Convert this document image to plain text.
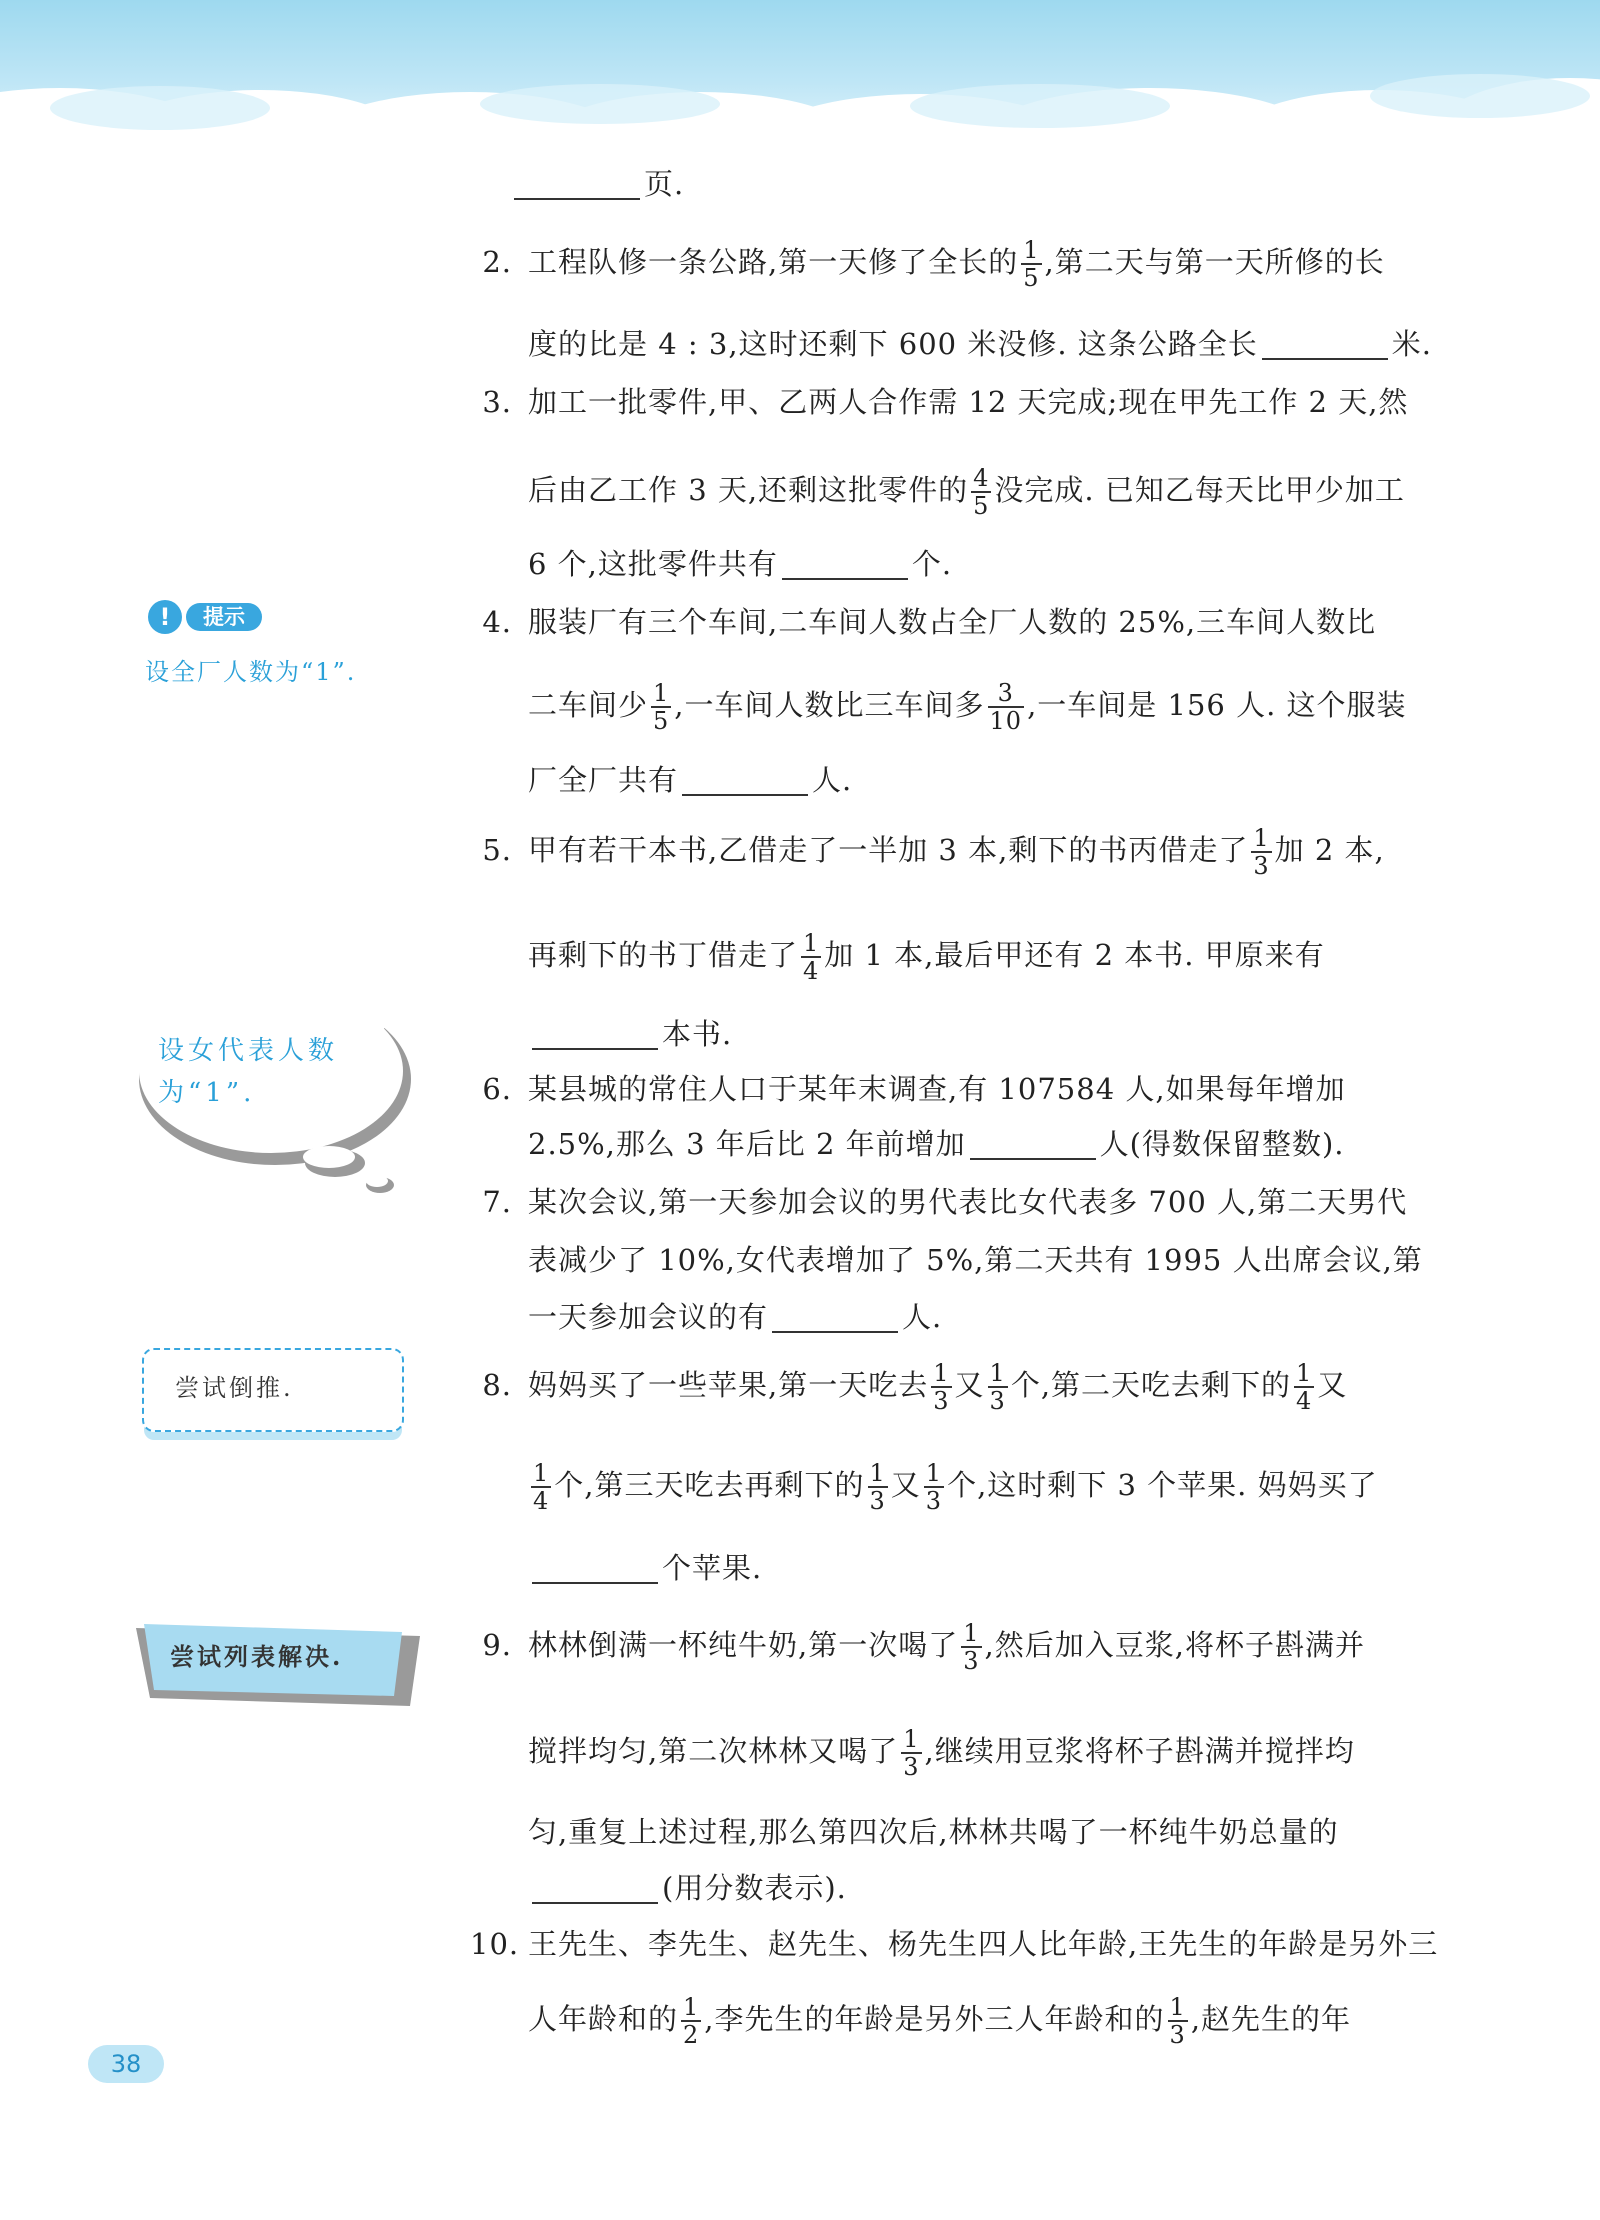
页.
2. 工程队修一条公路,第一天修了全长的 $\frac{1}{5}$ ,第二天与第一天所修的长
度的比是 4 : 3,这时还剩下 600 米没修. 这条公路全长	米.
3. 加工一批零件,甲、乙两人合作需 12 天完成;现在甲先工作 2 天,然
后由乙工作 3 天,还剩这批零件的 $\frac{4}{5}$ 没完成. 已知乙每天比甲少加工
6 个,这批零件共有	个.
4. 服装厂有三个车间,二车间人数占全厂人数的 25%,三车间人数比
二车间少 $\frac{1}{5}$ ,一车间人数比三车间多 $\frac{3}{10}$ ,一车间是 156 人. 这个服装
厂全厂共有	人.
5. 甲有若干本书,乙借走了一半加 3 本,剩下的书丙借走了 $\frac{1}{3}$ 加 2 本,
再剩下的书丁借走了 $\frac{1}{4}$ 加 1 本,最后甲还有 2 本书. 甲原来有
本书.
6. 某县城的常住人口于某年末调查,有 107584 人,如果每年增加
2.5%,那么 3 年后比 2 年前增加	人(得数保留整数).
7. 某次会议,第一天参加会议的男代表比女代表多 700 人,第二天男代
表减少了 10%,女代表增加了 5%,第二天共有 1995 人出席会议,第
一天参加会议的有	人.
8. 妈妈买了一些苹果,第一天吃去 $\frac{1}{3}$ 又 $\frac{1}{3}$ 个,第二天吃去剩下的 $\frac{1}{4}$ 又
$\frac{1}{4}$ 个,第三天吃去再剩下的 $\frac{1}{3}$ 又 $\frac{1}{3}$ 个,这时剩下 3 个苹果. 妈妈买了
个苹果.
9. 林林倒满一杯纯牛奶,第一次喝了 $\frac{1}{3}$ ,然后加入豆浆,将杯子斟满并
搅拌均匀,第二次林林又喝了 $\frac{1}{3}$ ,继续用豆浆将杯子斟满并搅拌均
匀,重复上述过程,那么第四次后,林林共喝了一杯纯牛奶总量的
(用分数表示).
10. 王先生、李先生、赵先生、杨先生四人比年龄,王先生的年龄是另外三
人年龄和的 $\frac{1}{2}$ ,李先生的年龄是另外三人年龄和的 $\frac{1}{3}$ ,赵先生的年
!	提示
设全厂人数为“1”.
设女代表人数为“1”.
尝试倒推.
尝试列表解决.
38
